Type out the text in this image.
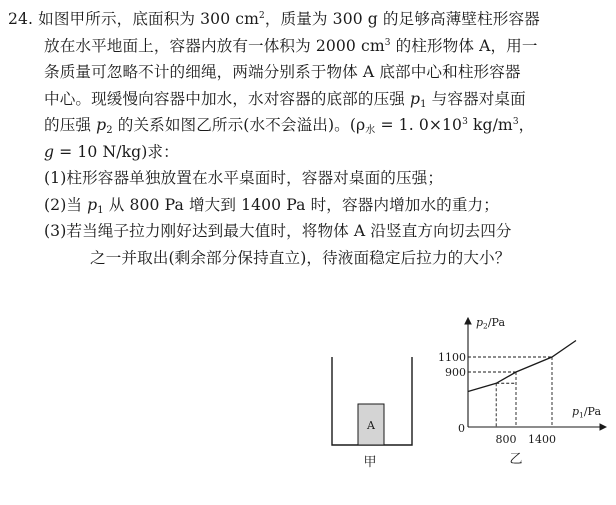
24. 如图甲所示，底面积为 300 $cm^2$，质量为 300 g 的足够高薄壁柱形容器
放在水平地面上，容器内放有一体积为 2000 $cm^3$ 的柱形物体 A，用一
条质量可忽略不计的细绳，两端分别系于物体 A 底部中心和柱形容器
中心。现缓慢向容器中加水，水对容器的底部的压强 $p_1$ 与容器对桌面
的压强 $p_2$ 的关系如图乙所示(水不会溢出)。($\rho_水 = 1$. $0\times 10^3$ $kg/m^3$，
g = 10 N/kg)求：
(1)柱形容器单独放置在水平桌面时，容器对桌面的压强；
(2)当 $p_1$ 从 800 Pa 增大到 1400 Pa 时，容器内增加水的重力；
(3)若当绳子拉力刚好达到最大值时，将物体 A 沿竖直方向切去四分
之一并取出(剩余部分保持直立)，待液面稳定后拉力的大小？
A
甲
$p_2/Pa$
$p_1/Pa$
0
900
1100
800 1400
乙
